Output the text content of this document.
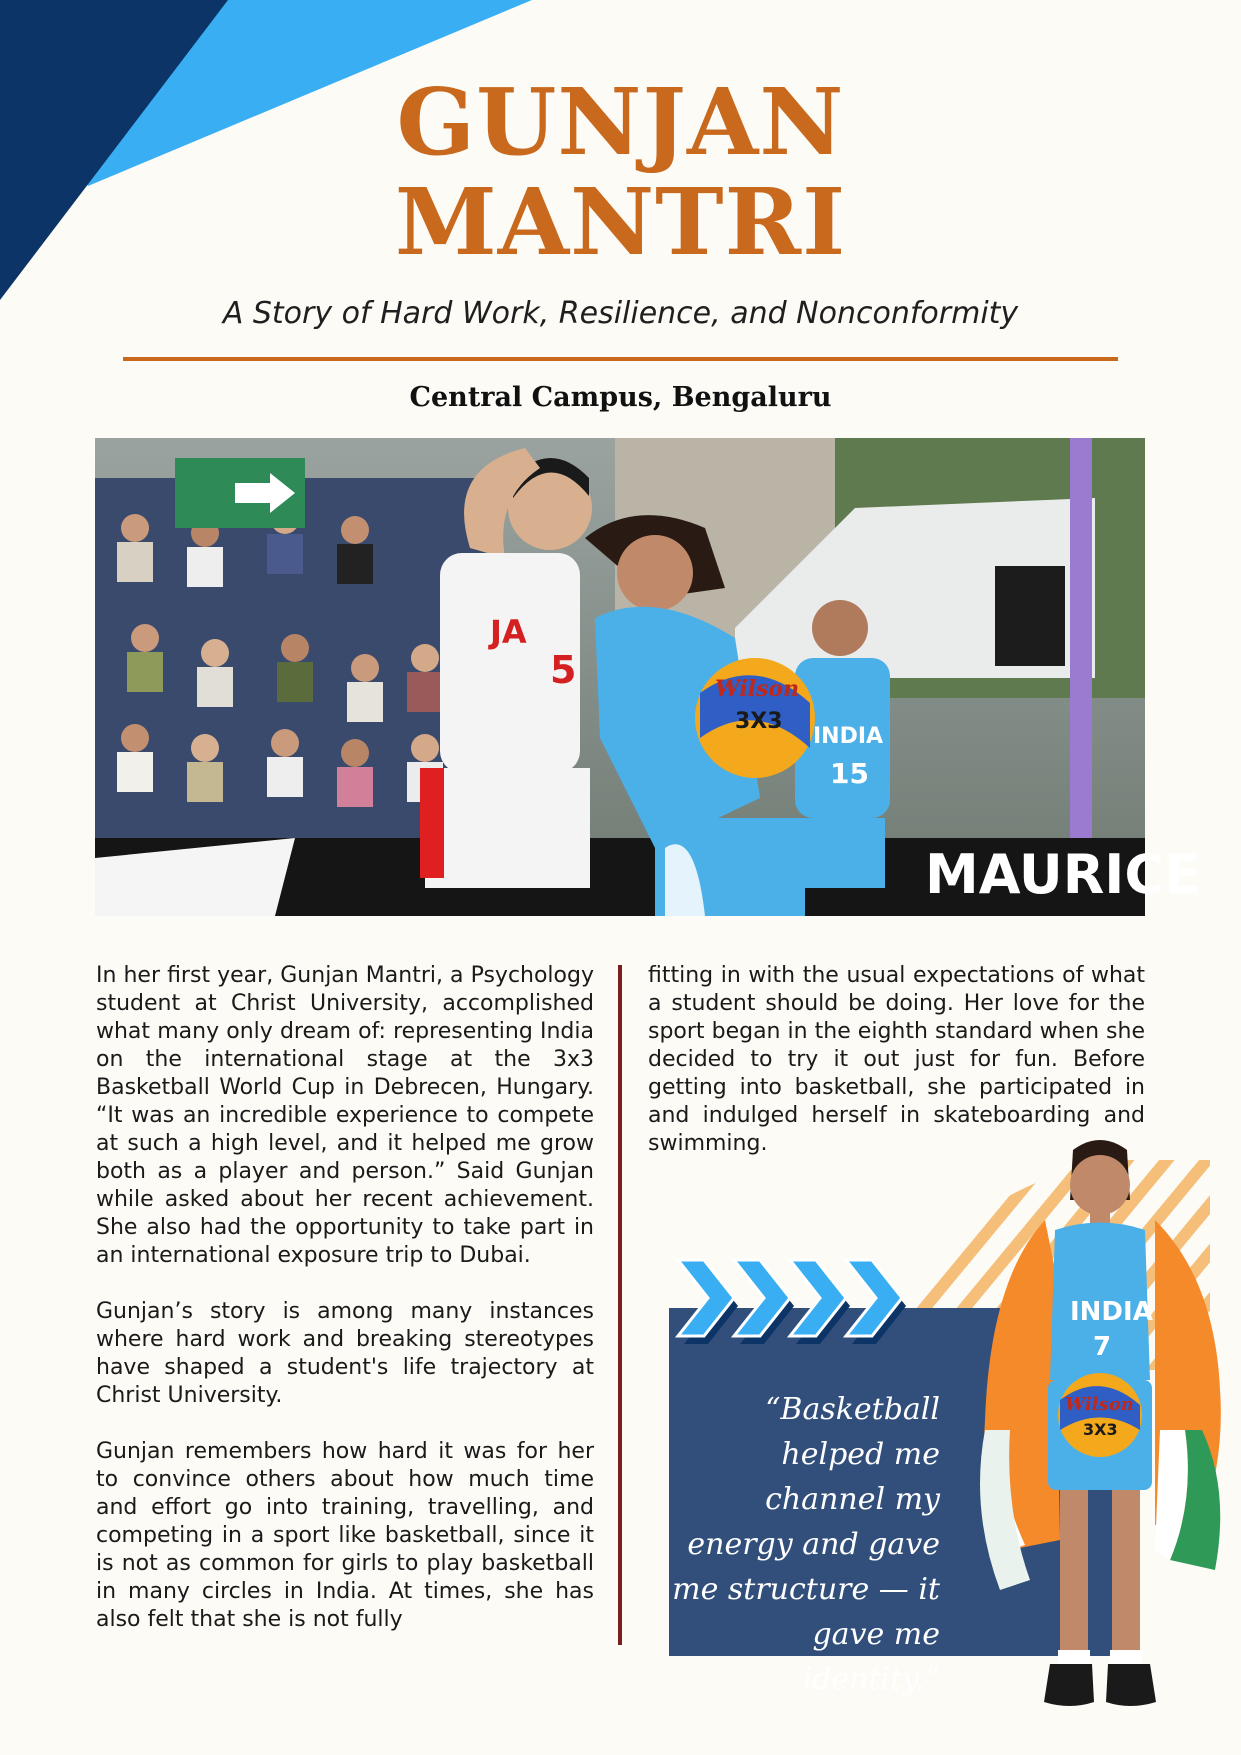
GUNJAN
MANTRI
A Story of Hard Work, Resilience, and Nonconformity
Central Campus, Bengaluru
MAURICE
INDIA
15
JA
5	Wilson
3X3

In her first year, Gunjan Mantri, a Psychology student at Christ University, accomplished what many only dream of: representing India on the international stage at the 3x3 Basketball World Cup in Debrecen, Hungary. “It was an incredible experience to compete at such a high level, and it helped me grow both as a player and person.” Said Gunjan while asked about her recent achievement. She also had the opportunity to take part in an international exposure trip to Dubai.

Gunjan’s story is among many instances where hard work and breaking stereotypes have shaped a student's life trajectory at Christ University.

Gunjan remembers how hard it was for her to convince others about how much time and effort go into training, travelling, and competing in a sport like basketball, since it is not as common for girls to play basketball in many circles in India. At times, she has also felt that she is not fully

fitting in with the usual expectations of what a student should be doing. Her love for the sport began in the eighth standard when she decided to try it out just for fun. Before getting into basketball, she participated in and indulged herself in skateboarding and swimming.

“Basketball helped me channel my energy and gave me structure — it gave me identity.”
INDIA
7
Wilson
3X3
